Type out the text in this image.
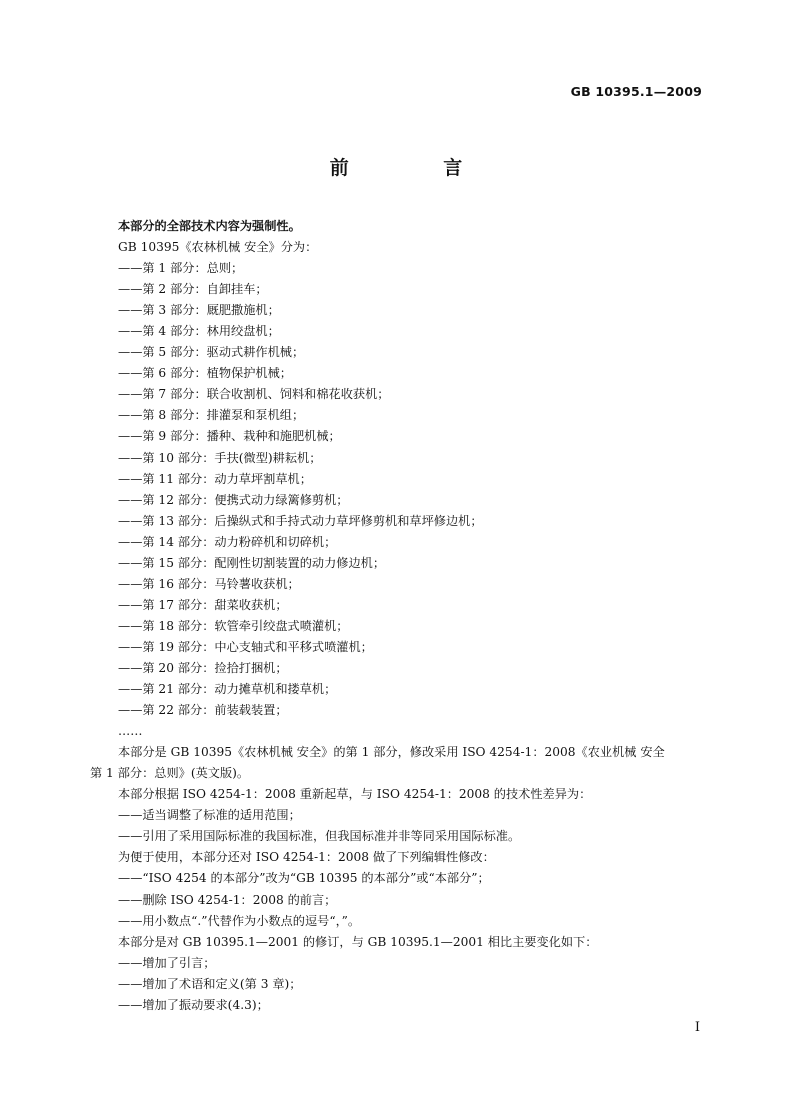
GB 10395.1—2009
前 言
本部分的全部技术内容为强制性。
GB 10395《农林机械 安全》分为：
——第 1 部分：总则；
——第 2 部分：自卸挂车；
——第 3 部分：厩肥撒施机；
——第 4 部分：林用绞盘机；
——第 5 部分：驱动式耕作机械；
——第 6 部分：植物保护机械；
——第 7 部分：联合收割机、饲料和棉花收获机；
——第 8 部分：排灌泵和泵机组；
——第 9 部分：播种、栽种和施肥机械；
——第 10 部分：手扶(微型)耕耘机；
——第 11 部分：动力草坪割草机；
——第 12 部分：便携式动力绿篱修剪机；
——第 13 部分：后操纵式和手持式动力草坪修剪机和草坪修边机；
——第 14 部分：动力粉碎机和切碎机；
——第 15 部分：配刚性切割装置的动力修边机；
——第 16 部分：马铃薯收获机；
——第 17 部分：甜菜收获机；
——第 18 部分：软管牵引绞盘式喷灌机；
——第 19 部分：中心支轴式和平移式喷灌机；
——第 20 部分：捡拾打捆机；
——第 21 部分：动力摊草机和搂草机；
——第 22 部分：前装载装置；
……
本部分是 GB 10395《农林机械 安全》的第 1 部分，修改采用 ISO 4254-1：2008《农业机械 安全
第 1 部分：总则》(英文版)。
本部分根据 ISO 4254-1：2008 重新起草，与 ISO 4254-1：2008 的技术性差异为：
——适当调整了标准的适用范围；
——引用了采用国际标准的我国标准，但我国标准并非等同采用国际标准。
为便于使用，本部分还对 ISO 4254-1：2008 做了下列编辑性修改：
——“ISO 4254 的本部分”改为“GB 10395 的本部分”或“本部分”；
——删除 ISO 4254-1：2008 的前言；
——用小数点“.”代替作为小数点的逗号“，”。
本部分是对 GB 10395.1—2001 的修订，与 GB 10395.1—2001 相比主要变化如下：
——增加了引言；
——增加了术语和定义(第 3 章)；
——增加了振动要求(4.3)；
I
